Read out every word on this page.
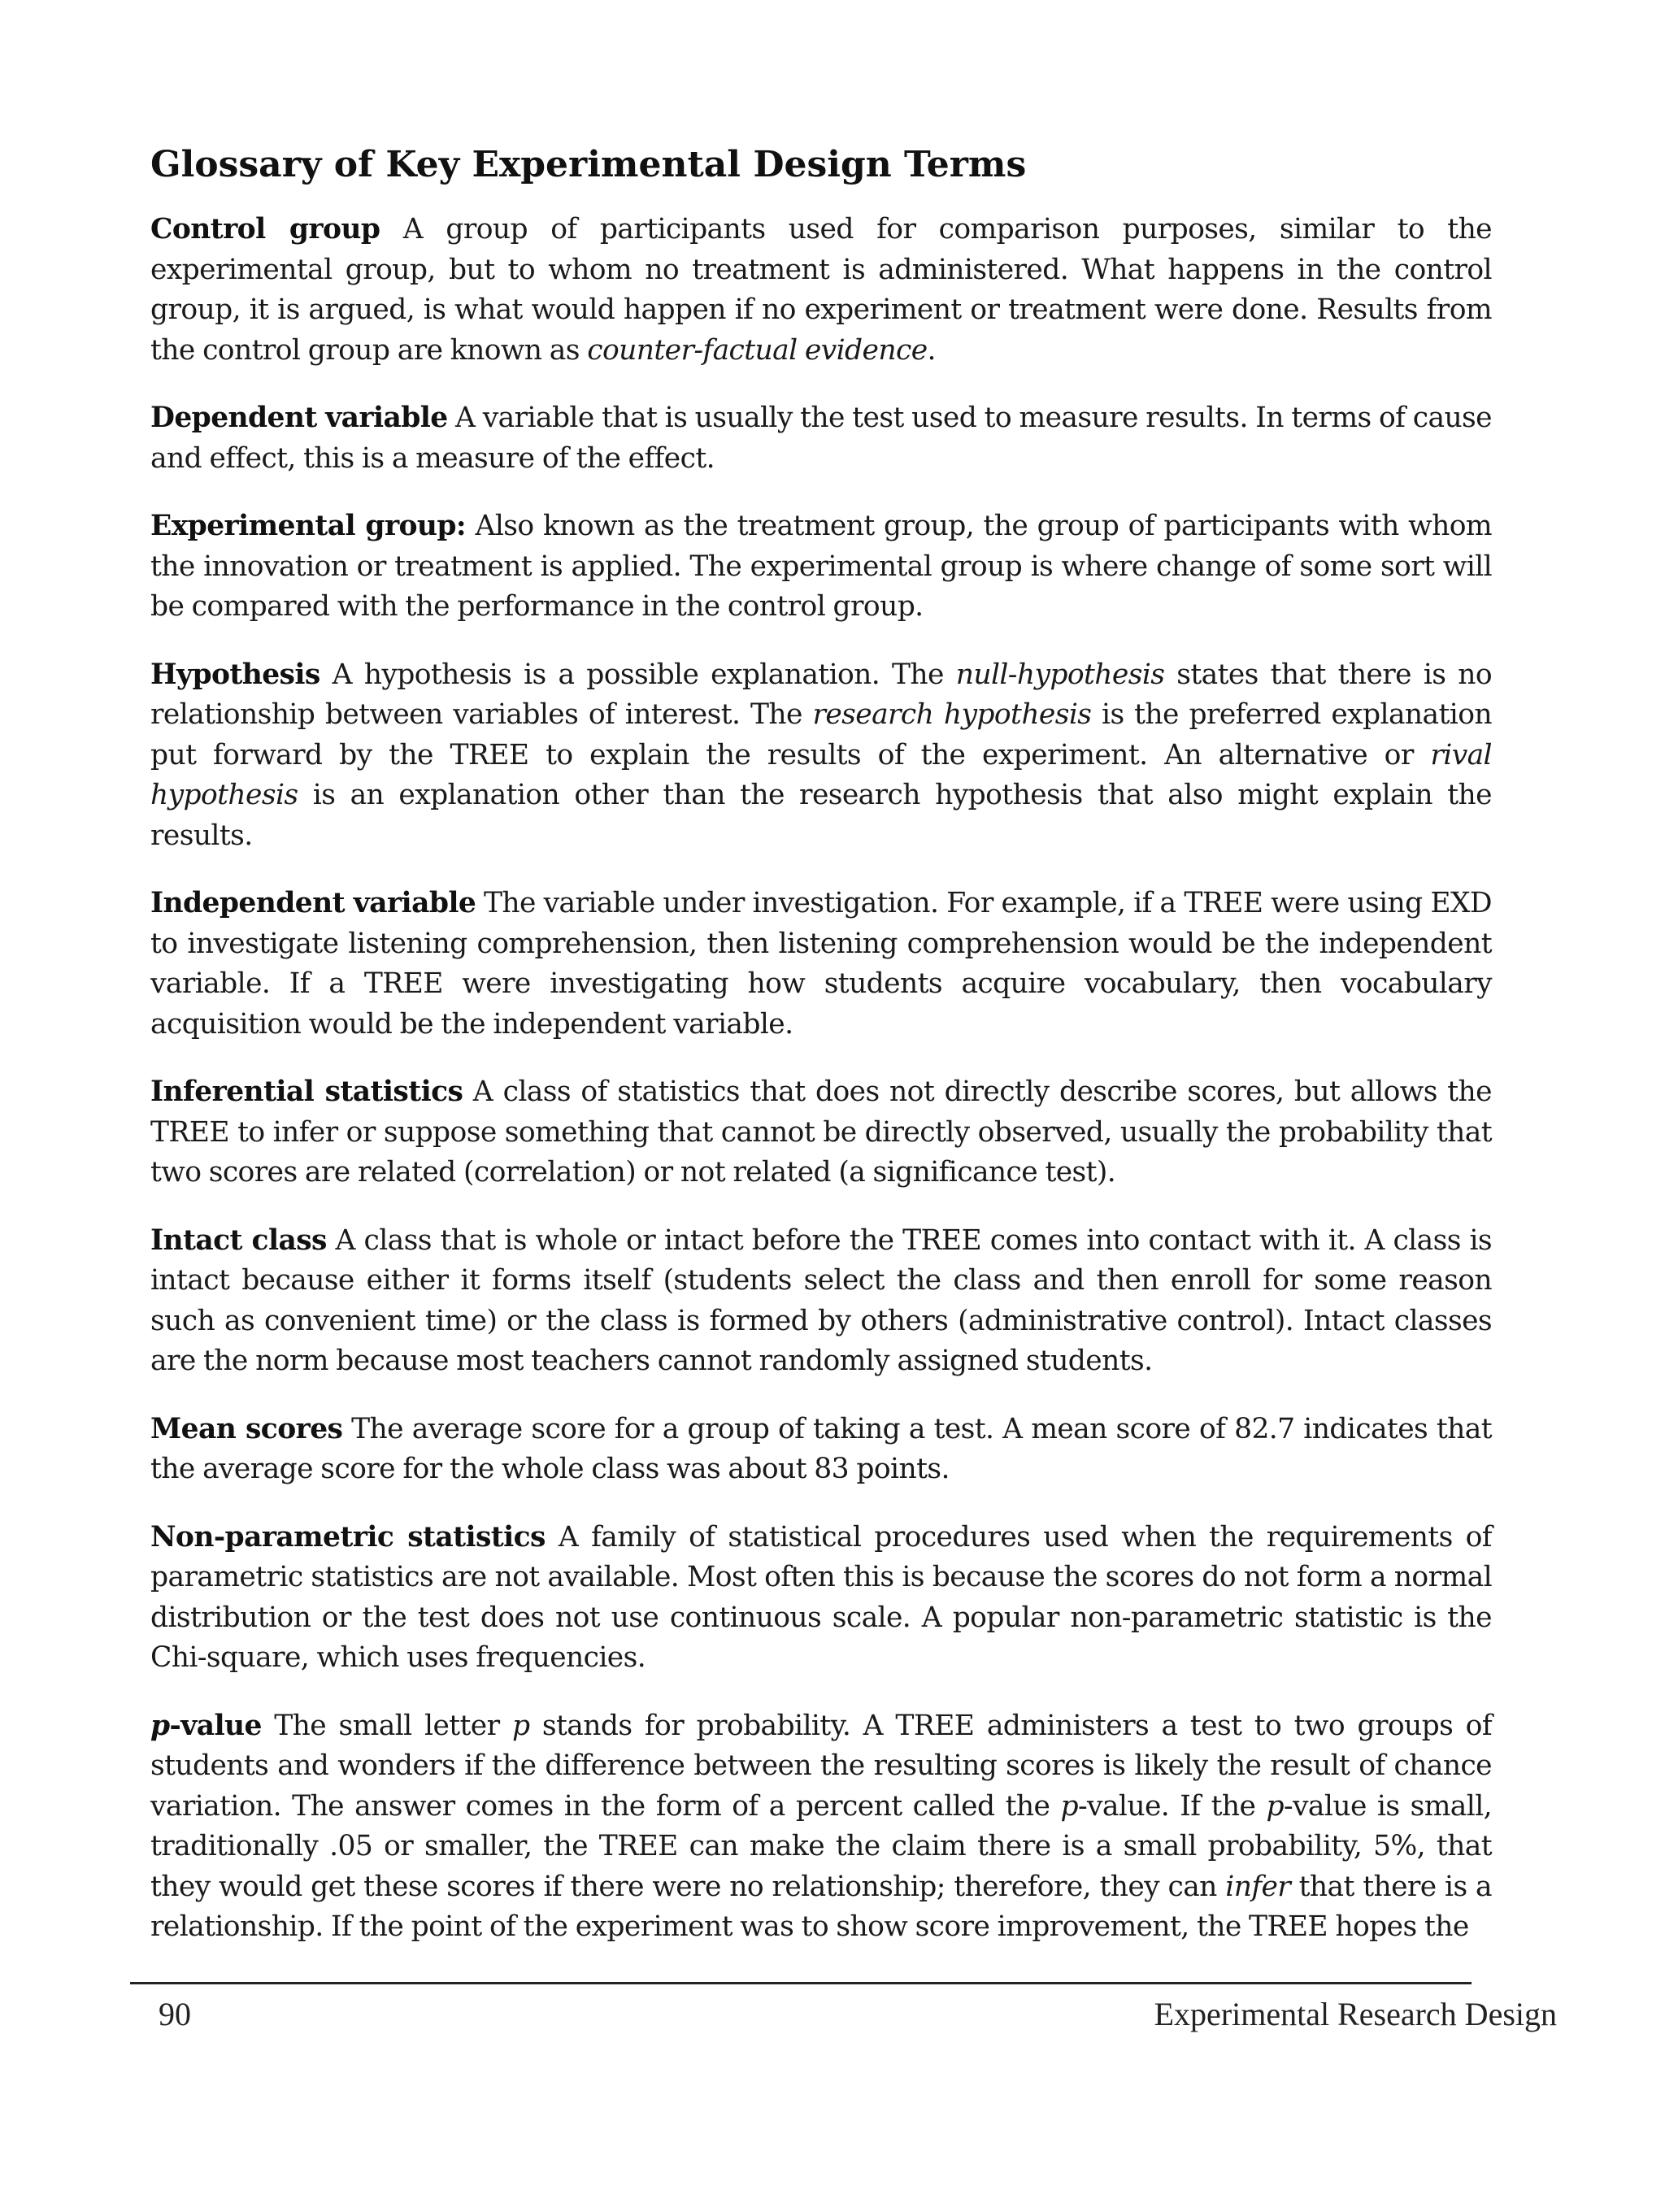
Glossary of Key Experimental Design Terms

Control group A group of participants used for comparison purposes, similar to the experimental group, but to whom no treatment is administered. What happens in the control group, it is argued, is what would happen if no experiment or treatment were done. Results from the control group are known as counter-factual evidence.

Dependent variable A variable that is usually the test used to measure results. In terms of cause and effect, this is a measure of the effect.

Experimental group: Also known as the treatment group, the group of participants with whom the innovation or treatment is applied. The experimental group is where change of some sort will be compared with the performance in the control group.

Hypothesis A hypothesis is a possible explanation. The null-hypothesis states that there is no relationship between variables of interest. The research hypothesis is the preferred explanation put forward by the TREE to explain the results of the experiment. An alternative or rival hypothesis is an explanation other than the research hypothesis that also might explain the results.

Independent variable The variable under investigation. For example, if a TREE were using EXD to investigate listening comprehension, then listening comprehension would be the independent variable. If a TREE were investigating how students acquire vocabulary, then vocabulary acquisition would be the independent variable.

Inferential statistics A class of statistics that does not directly describe scores, but allows the TREE to infer or suppose something that cannot be directly observed, usually the probability that two scores are related (correlation) or not related (a significance test).

Intact class A class that is whole or intact before the TREE comes into contact with it. A class is intact because either it forms itself (students select the class and then enroll for some reason such as convenient time) or the class is formed by others (administrative control). Intact classes are the norm because most teachers cannot randomly assigned students.

Mean scores The average score for a group of taking a test. A mean score of 82.7 indicates that the average score for the whole class was about 83 points.

Non-parametric statistics A family of statistical procedures used when the requirements of parametric statistics are not available. Most often this is because the scores do not form a normal distribution or the test does not use continuous scale. A popular non-parametric statistic is the Chi-square, which uses frequencies.

p-value The small letter p stands for probability. A TREE administers a test to two groups of students and wonders if the difference between the resulting scores is likely the result of chance variation. The answer comes in the form of a percent called the p-value. If the p-value is small, traditionally .05 or smaller, the TREE can make the claim there is a small probability, 5%, that they would get these scores if there were no relationship; therefore, they can infer that there is a relationship. If the point of the experiment was to show score improvement, the TREE hopes the

90	Experimental Research Design
